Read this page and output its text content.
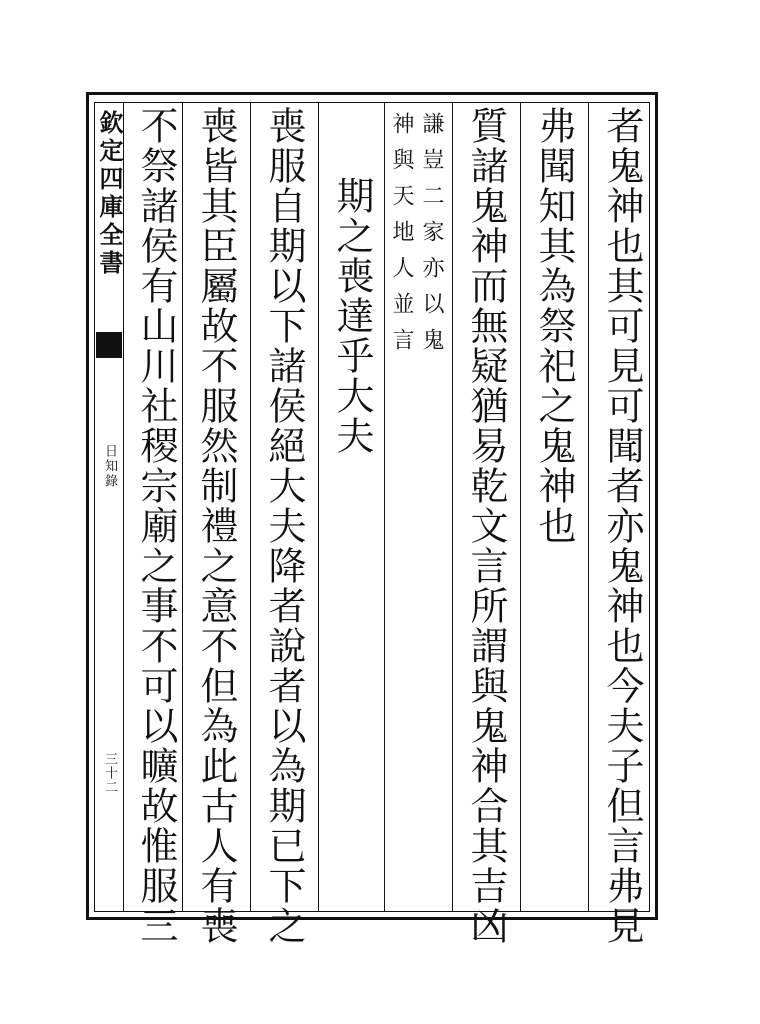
欽定四庫全書
日知錄
三十二	者鬼神也其可見可聞者亦鬼神也今夫子但言弗見
弗聞知其為祭祀之鬼神也
質諸鬼神而無疑猶易乾文言所謂與鬼神合其吉凶
謙豈二家亦以鬼
神與天地人並言
期之喪達乎大夫
喪服自期以下諸侯絕大夫降者說者以為期已下之
喪皆其臣屬故不服然制禮之意不但為此古人有喪
不祭諸侯有山川社稷宗廟之事不可以曠故惟服三
